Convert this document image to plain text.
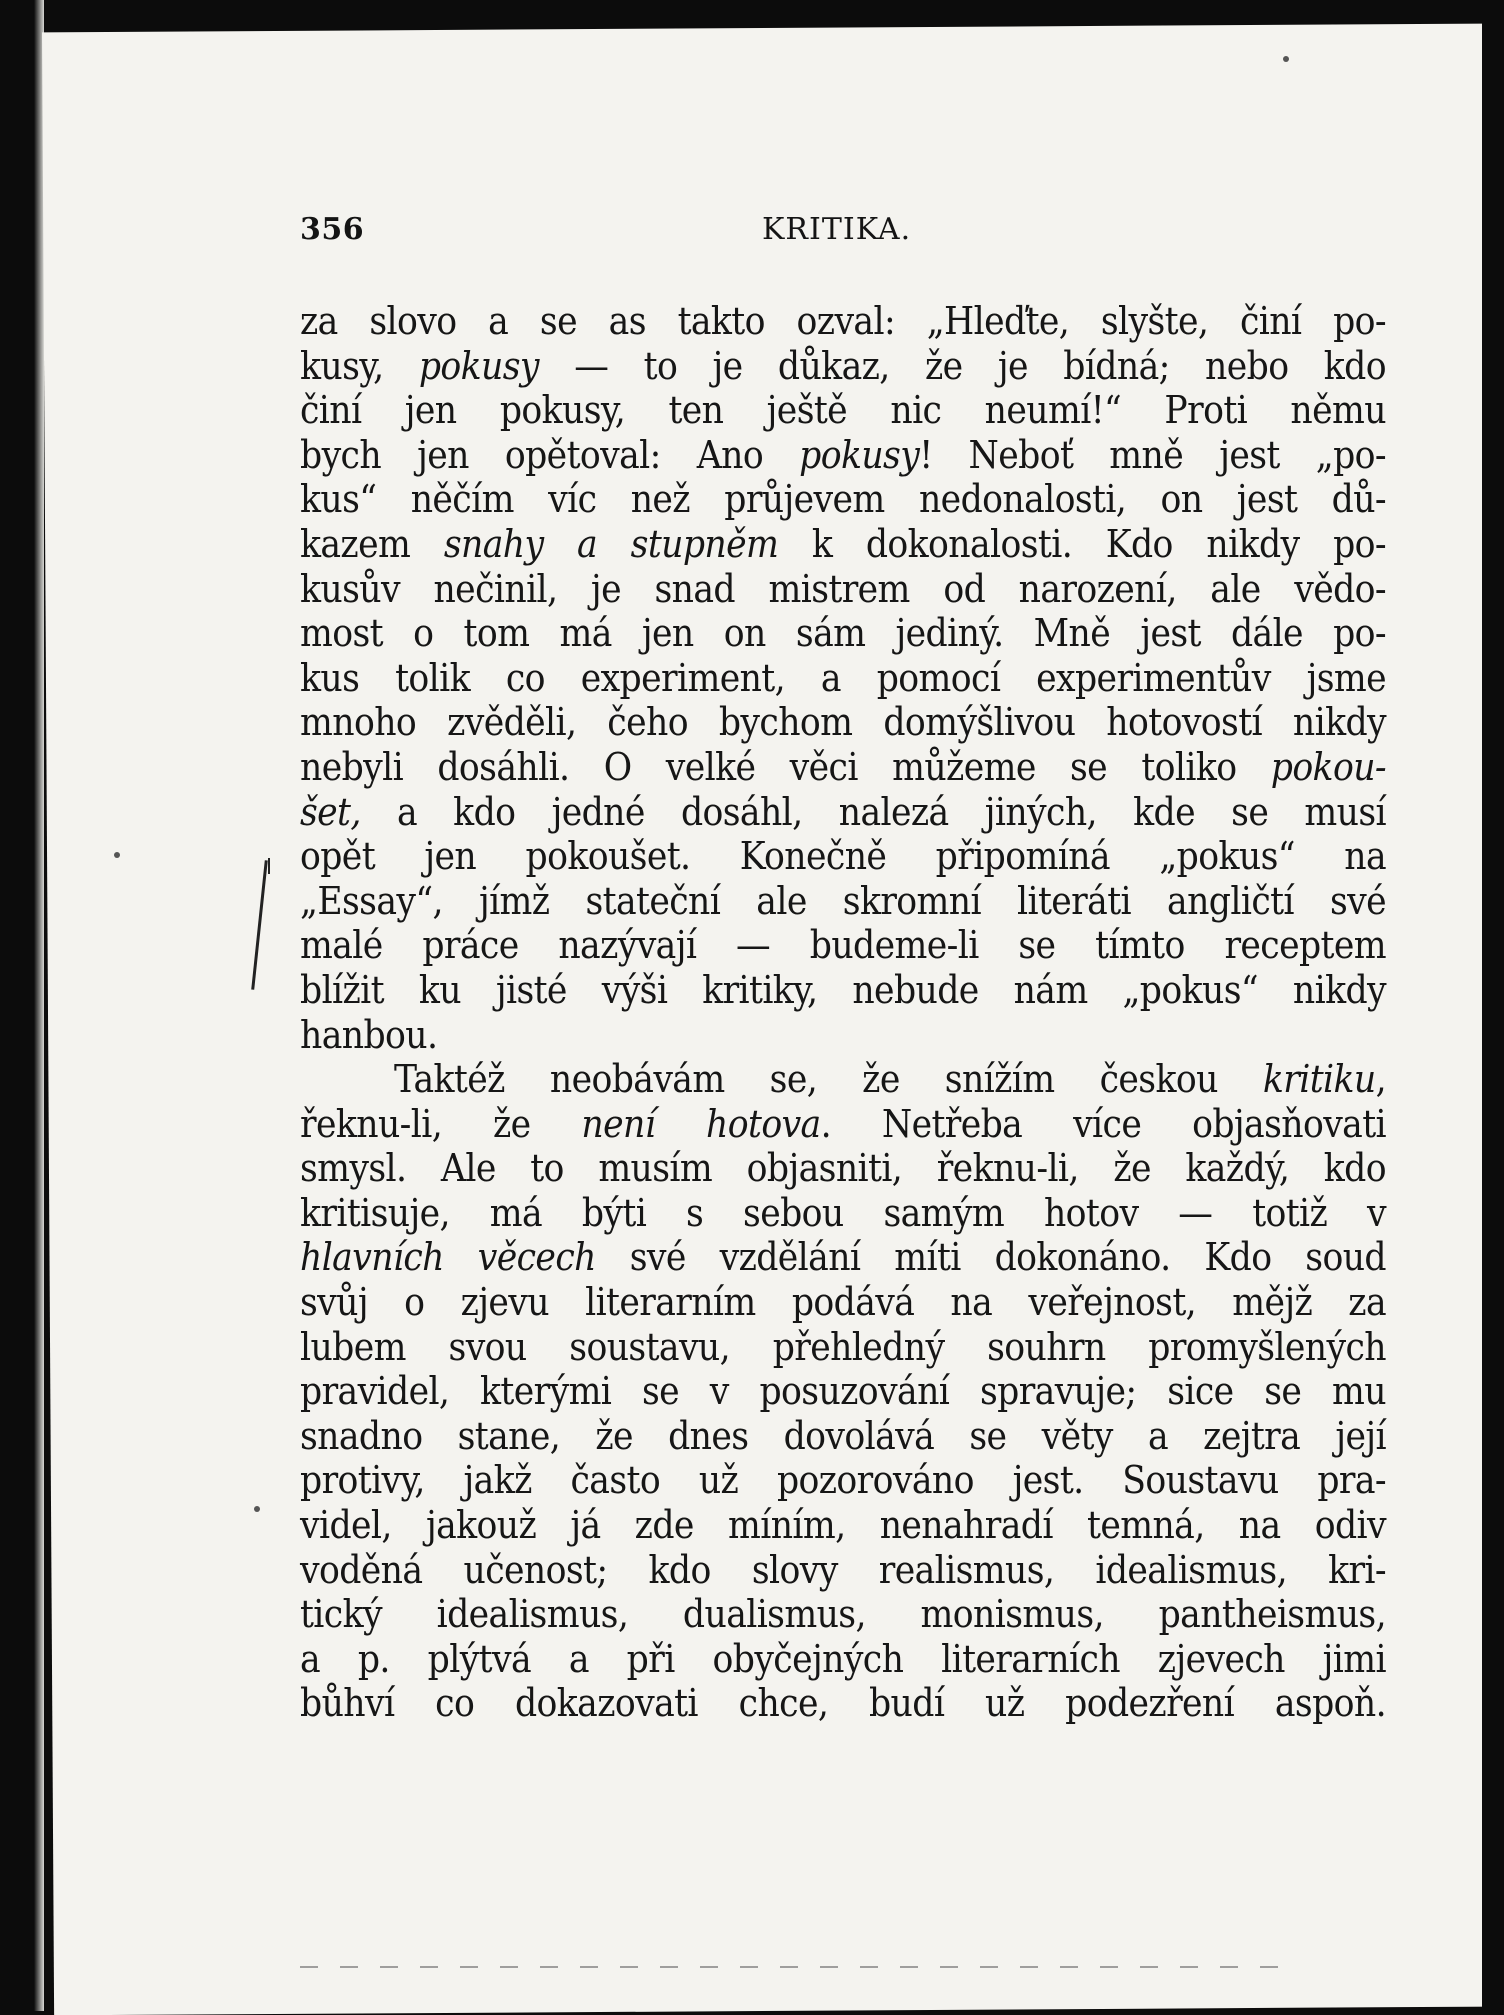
356	KRITIKA.
za slovo a se as takto ozval: „Hleďte, slyšte, činí po-
kusy, pokusy — to je důkaz, že je bídná; nebo kdo
činí jen pokusy, ten ještě nic neumí!“ Proti němu
bych jen opětoval: Ano pokusy! Neboť mně jest „po-
kus“ něčím víc než průjevem nedonalosti, on jest dů-
kazem snahy a stupněm k dokonalosti. Kdo nikdy po-
kusův nečinil, je snad mistrem od narození, ale vědo-
most o tom má jen on sám jediný. Mně jest dále po-
kus tolik co experiment, a pomocí experimentův jsme
mnoho zvěděli, čeho bychom domýšlivou hotovostí nikdy
nebyli dosáhli. O velké věci můžeme se toliko pokou-
šet, a kdo jedné dosáhl, nalezá jiných, kde se musí
opět jen pokoušet. Konečně připomíná „pokus“ na
„Essay“, jímž stateční ale skromní literáti angličtí své
malé práce nazývají — budeme-li se tímto receptem
blížit ku jisté výši kritiky, nebude nám „pokus“ nikdy
hanbou.
Taktéž neobávám se, že snížím českou kritiku,
řeknu-li, že není hotova. Netřeba více objasňovati
smysl. Ale to musím objasniti, řeknu-li, že každý, kdo
kritisuje, má býti s sebou samým hotov — totiž v
hlavních věcech své vzdělání míti dokonáno. Kdo soud
svůj o zjevu literarním podává na veřejnost, mějž za
lubem svou soustavu, přehledný souhrn promyšlených
pravidel, kterými se v posuzování spravuje; sice se mu
snadno stane, že dnes dovolává se věty a zejtra její
protivy, jakž často už pozorováno jest. Soustavu pra-
videl, jakouž já zde míním, nenahradí temná, na odiv
voděná učenost; kdo slovy realismus, idealismus, kri-
tický idealismus, dualismus, monismus, pantheismus,
a p. plýtvá a při obyčejných literarních zjevech jimi
bůhví co dokazovati chce, budí už podezření aspoň.
